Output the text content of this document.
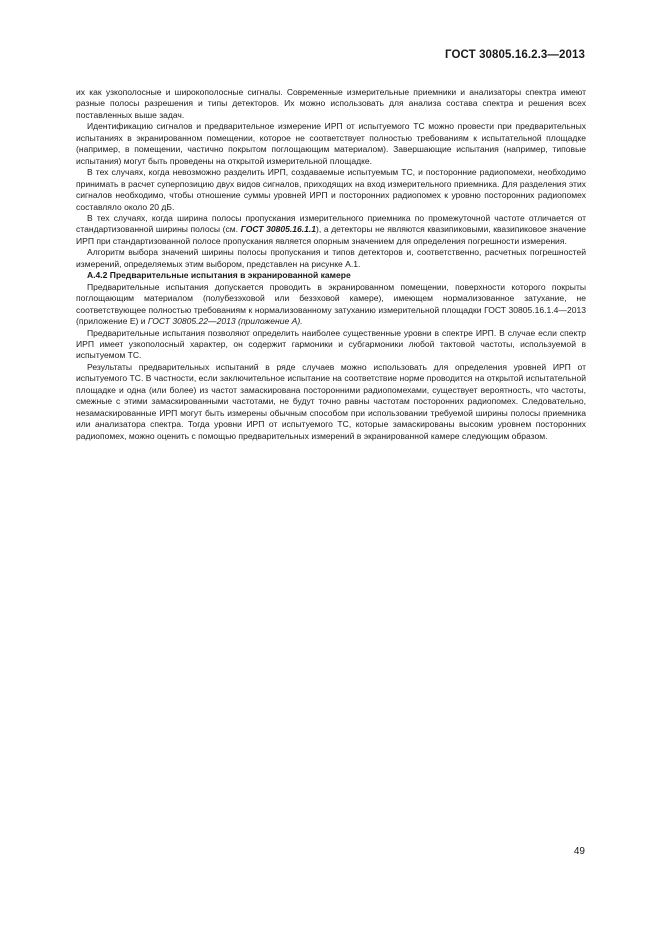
ГОСТ 30805.16.2.3—2013

их как узкополосные и широкополосные сигналы. Современные измерительные приемники и анализаторы спектра имеют разные полосы разрешения и типы детекторов. Их можно использовать для анализа состава спектра и решения всех поставленных выше задач.

Идентификацию сигналов и предварительное измерение ИРП от испытуемого ТС можно провести при предварительных испытаниях в экранированном помещении, которое не соответствует полностью требованиям к испытательной площадке (например, в помещении, частично покрытом поглощающим материалом). Завершающие испытания (например, типовые испытания) могут быть проведены на открытой измерительной площадке.

В тех случаях, когда невозможно разделить ИРП, создаваемые испытуемым ТС, и посторонние радиопомехи, необходимо принимать в расчет суперпозицию двух видов сигналов, приходящих на вход измерительного приемника. Для разделения этих сигналов необходимо, чтобы отношение суммы уровней ИРП и посторонних радиопомех к уровню посторонних радиопомех составляло около 20 дБ.

В тех случаях, когда ширина полосы пропускания измерительного приемника по промежуточной частоте отличается от стандартизованной ширины полосы (см. ГОСТ 30805.16.1.1), а детекторы не являются квазипиковыми, квазипиковое значение ИРП при стандартизованной полосе пропускания является опорным значением для определения погрешности измерения.

Алгоритм выбора значений ширины полосы пропускания и типов детекторов и, соответственно, расчетных погрешностей измерений, определяемых этим выбором, представлен на рисунке А.1.

А.4.2 Предварительные испытания в экранированной камере

Предварительные испытания допускается проводить в экранированном помещении, поверхности которого покрыты поглощающим материалом (полубезэховой или безэховой камере), имеющем нормализованное затухание, не соответствующее полностью требованиям к нормализованному затуханию измерительной площадки ГОСТ 30805.16.1.4—2013 (приложение Е) и ГОСТ 30805.22—2013 (приложение А).

Предварительные испытания позволяют определить наиболее существенные уровни в спектре ИРП. В случае если спектр ИРП имеет узкополосный характер, он содержит гармоники и субгармоники любой тактовой частоты, используемой в испытуемом ТС.

Результаты предварительных испытаний в ряде случаев можно использовать для определения уровней ИРП от испытуемого ТС. В частности, если заключительное испытание на соответствие норме проводится на открытой испытательной площадке и одна (или более) из частот замаскирована посторонними радиопомехами, существует вероятность, что частоты, смежные с этими замаскированными частотами, не будут точно равны частотам посторонних радиопомех. Следовательно, незамаскированные ИРП могут быть измерены обычным способом при использовании требуемой ширины полосы приемника или анализатора спектра. Тогда уровни ИРП от испытуемого ТС, которые замаскированы высоким уровнем посторонних радиопомех, можно оценить с помощью предварительных измерений в экранированной камере следующим образом.

49
